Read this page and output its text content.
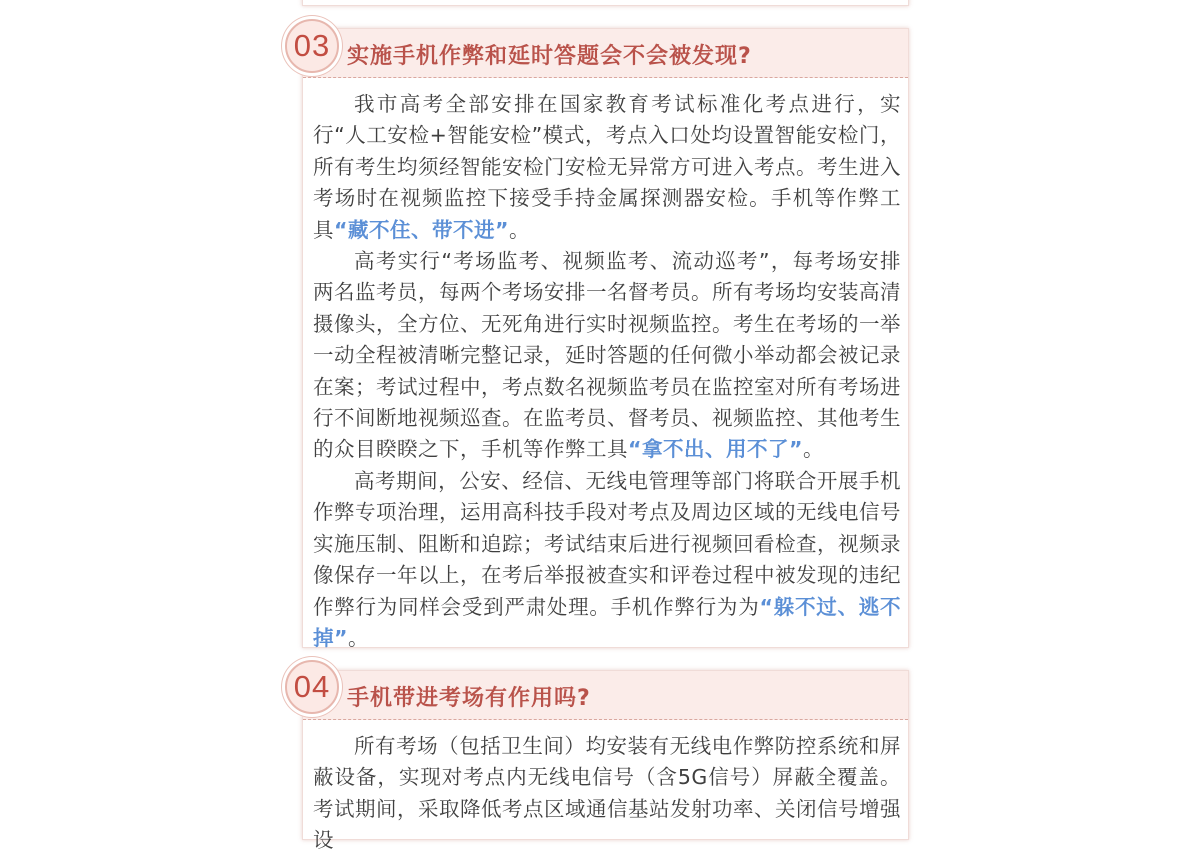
03 实施手机作弊和延时答题会不会被发现?

我市高考全部安排在国家教育考试标准化考点进行，实行“人工安检+智能安检”模式，考点入口处均设置智能安检门，所有考生均须经智能安检门安检无异常方可进入考点。考生进入考场时在视频监控下接受手持金属探测器安检。手机等作弊工具“藏不住、带不进”。

高考实行“考场监考、视频监考、流动巡考”，每考场安排两名监考员，每两个考场安排一名督考员。所有考场均安装高清摄像头，全方位、无死角进行实时视频监控。考生在考场的一举一动全程被清晰完整记录，延时答题的任何微小举动都会被记录在案；考试过程中，考点数名视频监考员在监控室对所有考场进行不间断地视频巡查。在监考员、督考员、视频监控、其他考生的众目睽睽之下，手机等作弊工具“拿不出、用不了”。

高考期间，公安、经信、无线电管理等部门将联合开展手机作弊专项治理，运用高科技手段对考点及周边区域的无线电信号实施压制、阻断和追踪；考试结束后进行视频回看检查，视频录像保存一年以上，在考后举报被查实和评卷过程中被发现的违纪作弊行为同样会受到严肃处理。手机作弊行为为“躲不过、逃不掉”。

04 手机带进考场有作用吗?

所有考场（包括卫生间）均安装有无线电作弊防控系统和屏蔽设备，实现对考点内无线电信号（含5G信号）屏蔽全覆盖。考试期间，采取降低考点区域通信基站发射功率、关闭信号增强设
